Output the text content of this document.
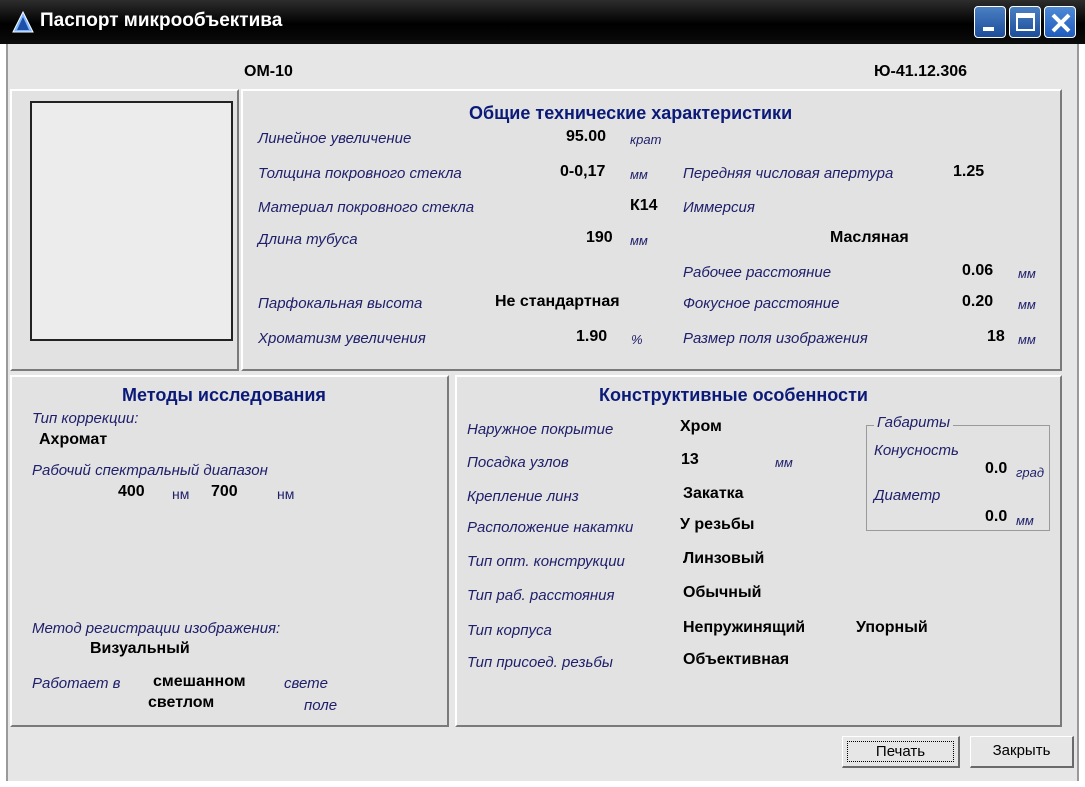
Паспорт микрообъектива
ОМ-10	Ю-41.12.306
Общие технические характеристики
Линейное увеличение	95.00 крат
Толщина покровного стекла	0-0,17 мм
Материал покровного стекла	К14
Длина тубуса	190 мм
Парфокальная высота	Не стандартная
Хроматизм увеличения	1.90 %
Передняя числовая апертура	1.25
Иммерсия
Масляная
Рабочее расстояние	0.06 мм
Фокусное расстояние	0.20 мм
Размер поля изображения	18 мм
Методы исследования
Тип коррекции:
Ахромат
Рабочий спектральный диапазон
400 нм 700	нм
Метод регистрации изображения:
Визуальный
Работает в смешанном	свете
светлом	поле
Конструктивные особенности
Наружное покрытие	Хром
Посадка узлов	13	мм
Крепление линз	Закатка
Расположение накатки	У резьбы
Тип опт. конструкции	Линзовый
Тип раб. расстояния	Обычный
Тип корпуса	Непружинящий	Упорный
Тип присоед. резьбы	Объективная
Габариты
Конусность
0.0 град
Диаметр
0.0 мм
Печать	Закрыть
